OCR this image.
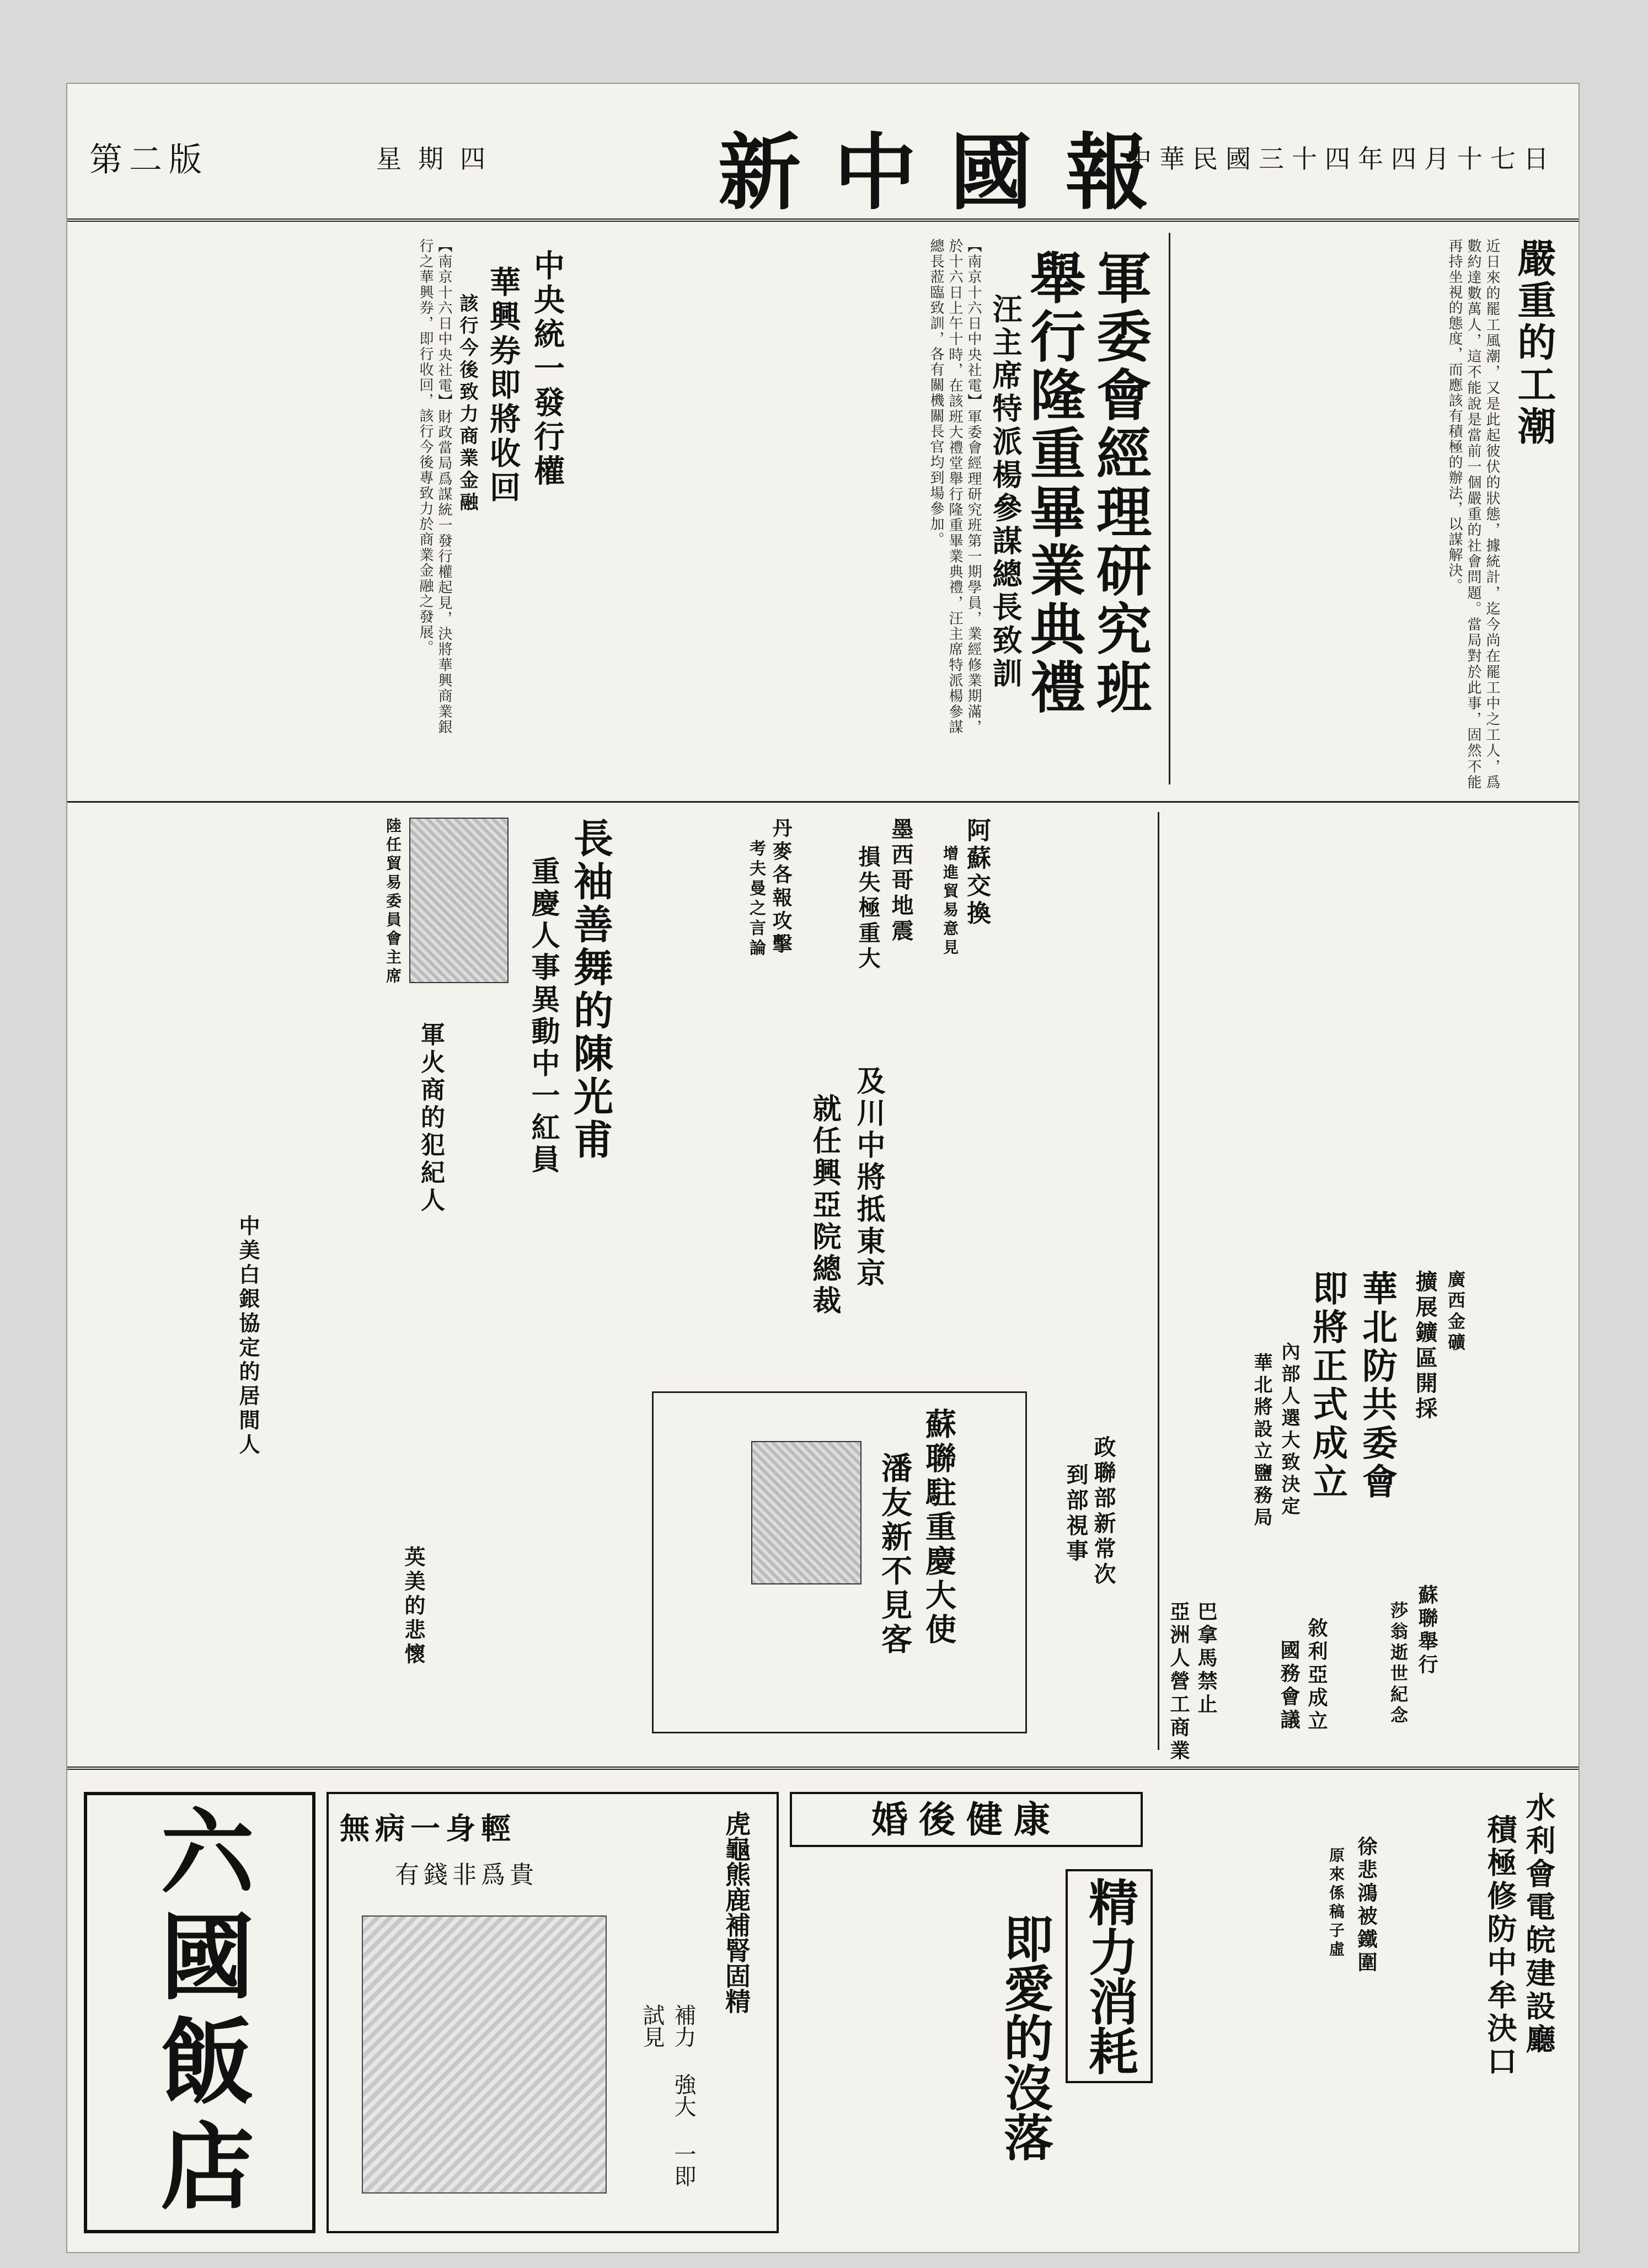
第二版	星期四	新中國報
中華民國三十四年四月十七日
嚴重的工潮
近日來的罷工風潮，又是此起彼伏的狀態，據統計，迄今尚在罷工中之工人，爲數約達數萬人，這不能說是當前一個嚴重的社會問題。當局對於此事，固然不能再持坐視的態度，而應該有積極的辦法，以謀解決。
軍委會經理研究班
舉行隆重畢業典禮
汪主席特派楊參謀總長致訓
【南京十六日中央社電】軍委會經理研究班第一期學員，業經修業期滿，於十六日上午十時，在該班大禮堂舉行隆重畢業典禮，汪主席特派楊參謀總長蒞臨致訓，各有關機關長官均到場參加。
中央統一發行權
華興券即將收回
該行今後致力商業金融
【南京十六日中央社電】財政當局爲謀統一發行權起見，決將華興商業銀行之華興券，即行收回，該行今後專致力於商業金融之發展。
長袖善舞的陳光甫
重慶人事異動中一紅員
陸任貿易委員會主席
軍火商的犯紀人
丹麥各報攻擊
考夫曼之言論	墨西哥地震
損失極重大	阿蘇交換
增進貿易意見
及川中將抵東京
就任興亞院總裁
華北防共委會
即將正式成立
內部人選大致決定
華北將設立鹽務局
廣西金礦
擴展鑛區開採
蘇聯駐重慶大使
潘友新不見客	政聯部新常次
到部視事
巴拿馬禁止
亞洲人營工商業	蘇聯舉行
莎翁逝世紀念
敘利亞成立
國務會議
中美白銀協定的居間人
英美的悲懷
六國飯店	無病一身輕
有錢非爲貴	虎龜熊鹿補腎固精
補力 強大 一即 試見
婚後健康
精力消耗
即愛的沒落
徐悲鴻被鐵圍
原來係稿子虛	水利會電皖建設廳
積極修防中牟決口
